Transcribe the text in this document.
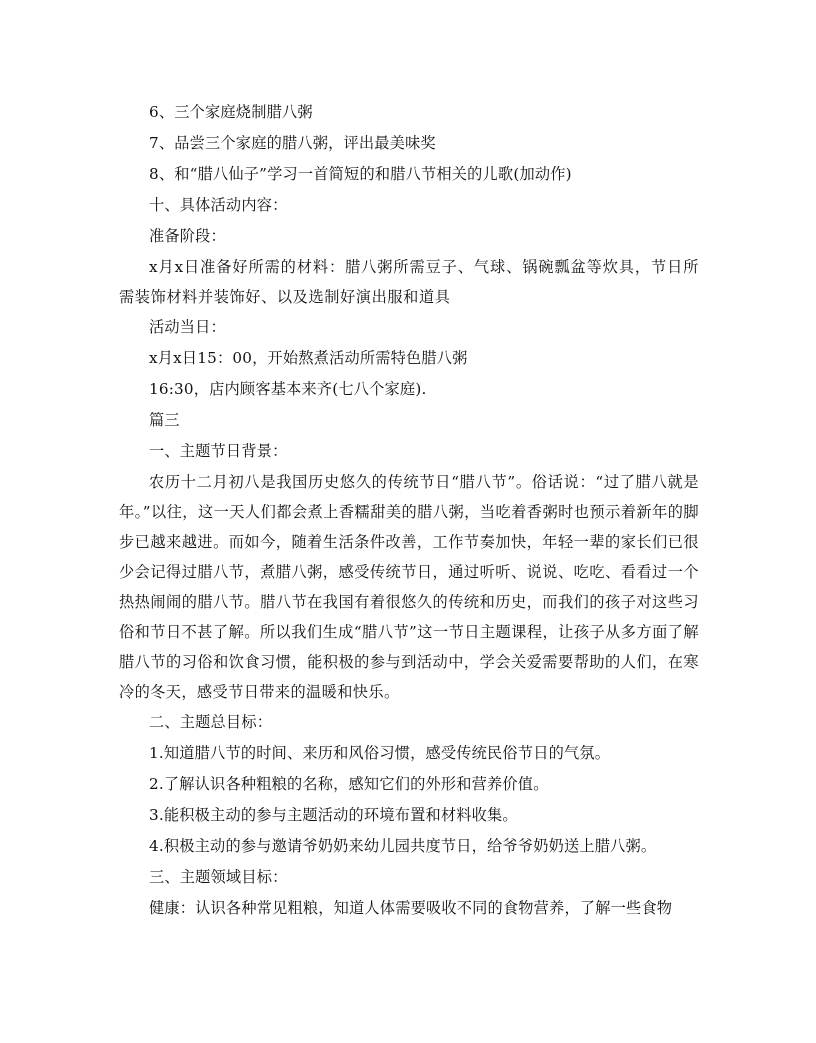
6、三个家庭烧制腊八粥
7、品尝三个家庭的腊八粥，评出最美味奖
8、和“腊八仙子”学习一首简短的和腊八节相关的儿歌(加动作)
十、具体活动内容：
准备阶段：

x月x日准备好所需的材料：腊八粥所需豆子、气球、锅碗瓢盆等炊具，节日所需装饰材料并装饰好、以及选制好演出服和道具

活动当日：
x月x日15：00，开始熬煮活动所需特色腊八粥
16:30，店内顾客基本来齐(七八个家庭).
篇三
一、主题节日背景：

农历十二月初八是我国历史悠久的传统节日“腊八节”。俗话说：“过了腊八就是年。”以往，这一天人们都会煮上香糯甜美的腊八粥，当吃着香粥时也预示着新年的脚步已越来越进。而如今，随着生活条件改善，工作节奏加快，年轻一辈的家长们已很少会记得过腊八节，煮腊八粥，感受传统节日，通过听听、说说、吃吃、看看过一个热热闹闹的腊八节。腊八节在我国有着很悠久的传统和历史，而我们的孩子对这些习俗和节日不甚了解。所以我们生成“腊八节”这一节日主题课程，让孩子从多方面了解腊八节的习俗和饮食习惯，能积极的参与到活动中，学会关爱需要帮助的人们，在寒冷的冬天，感受节日带来的温暖和快乐。

二、主题总目标：
1.知道腊八节的时间、来历和风俗习惯，感受传统民俗节日的气氛。
2.了解认识各种粗粮的名称，感知它们的外形和营养价值。
3.能积极主动的参与主题活动的环境布置和材料收集。
4.积极主动的参与邀请爷奶奶来幼儿园共度节日，给爷爷奶奶送上腊八粥。
三、主题领域目标：
健康：认识各种常见粗粮，知道人体需要吸收不同的食物营养，了解一些食物
